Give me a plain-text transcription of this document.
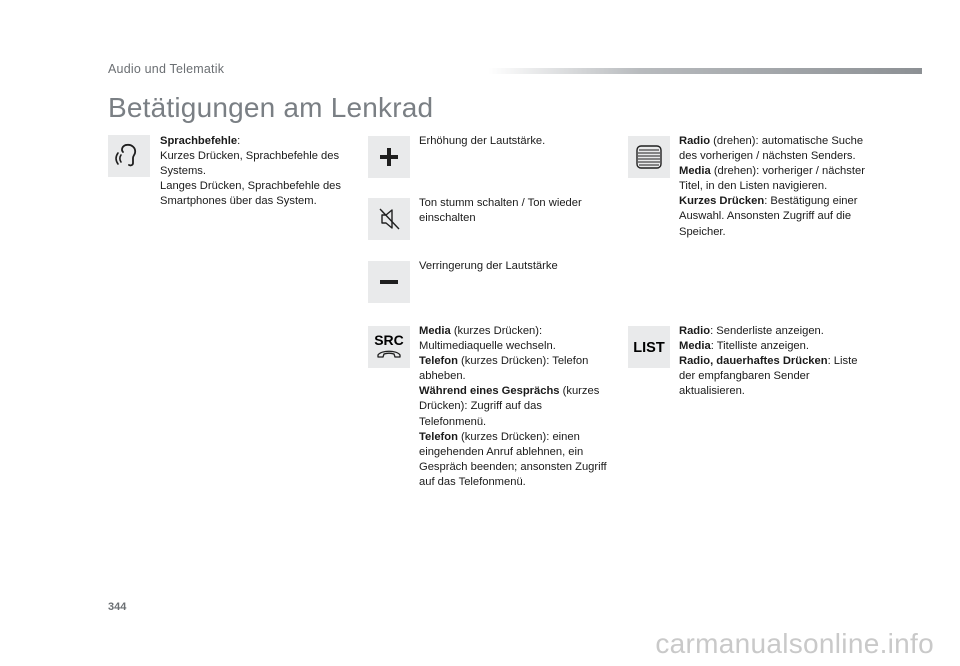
Audio und Telematik
Betätigungen am Lenkrad
Sprachbefehle:
Kurzes Drücken, Sprachbefehle des Systems.
Langes Drücken, Sprachbefehle des Smartphones über das System.
Erhöhung der Lautstärke.
Ton stumm schalten / Ton wieder einschalten
Verringerung der Lautstärke
SRC
Media (kurzes Drücken): Multimediaquelle wechseln.
Telefon (kurzes Drücken): Telefon abheben.
Während eines Gesprächs (kurzes Drücken): Zugriff auf das Telefonmenü.
Telefon (kurzes Drücken): einen eingehenden Anruf ablehnen, ein Gespräch beenden; ansonsten Zugriff auf das Telefonmenü.
Radio (drehen): automatische Suche des vorherigen / nächsten Senders.
Media (drehen): vorheriger / nächster Titel, in den Listen navigieren.
Kurzes Drücken: Bestätigung einer Auswahl. Ansonsten Zugriff auf die Speicher.
LIST
Radio: Senderliste anzeigen.
Media: Titelliste anzeigen.
Radio, dauerhaftes Drücken: Liste der empfangbaren Sender aktualisieren.
344
carmanualsonline.info
